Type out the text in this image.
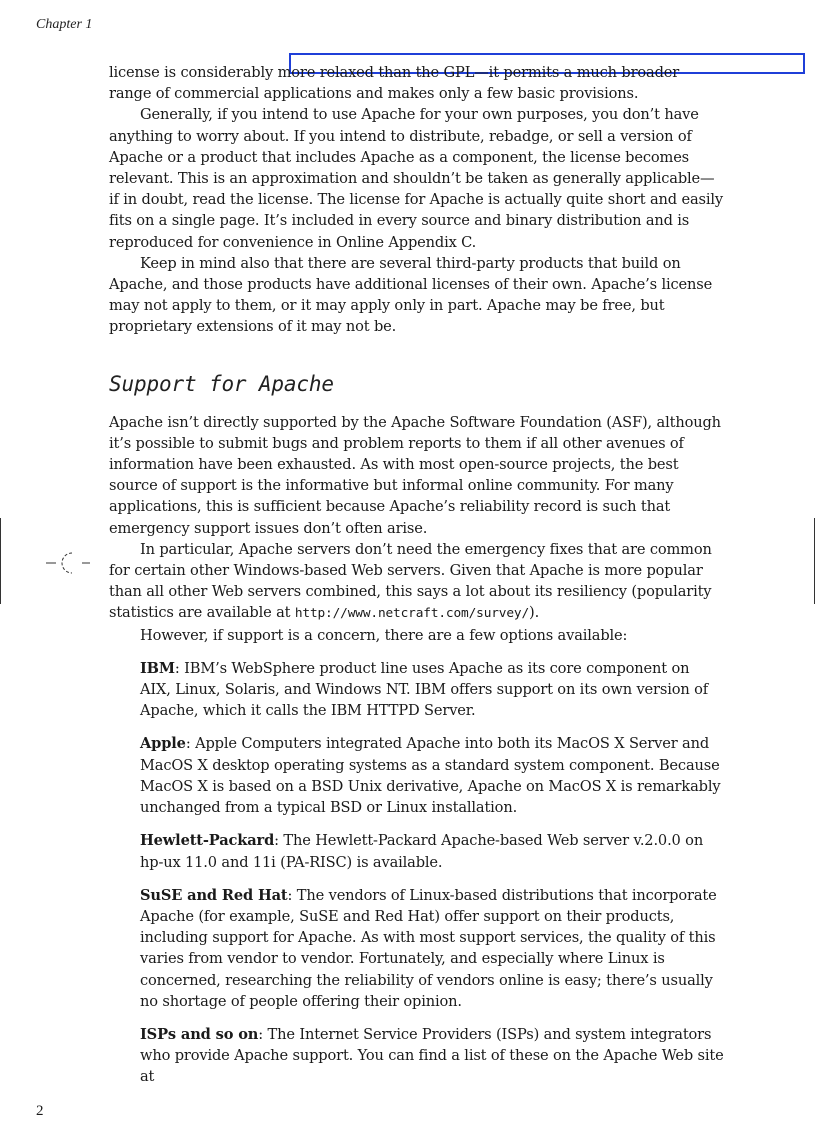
Chapter 1

license is considerably more relaxed than the GPL—it permits a much broader range of commercial applications and makes only a few basic provisions.

Generally, if you intend to use Apache for your own purposes, you don’t have anything to worry about. If you intend to distribute, rebadge, or sell a version of Apache or a product that includes Apache as a component, the license becomes relevant. This is an approximation and shouldn’t be taken as generally applicable—if in doubt, read the license. The license for Apache is actually quite short and easily fits on a single page. It’s included in every source and binary distribution and is reproduced for convenience in Online Appendix C.

Keep in mind also that there are several third-party products that build on Apache, and those products have additional licenses of their own. Apache’s license may not apply to them, or it may apply only in part. Apache may be free, but proprietary extensions of it may not be.

Support for Apache

Apache isn’t directly supported by the Apache Software Foundation (ASF), although it’s possible to submit bugs and problem reports to them if all other avenues of information have been exhausted. As with most open-source projects, the best source of support is the informative but informal online community. For many applications, this is sufficient because Apache’s reliability record is such that emergency support issues don’t often arise.

In particular, Apache servers don’t need the emergency fixes that are common for certain other Windows-based Web servers. Given that Apache is more popular than all other Web servers combined, this says a lot about its resiliency (popularity statistics are available at http://www.netcraft.com/survey/).

However, if support is a concern, there are a few options available:

IBM: IBM’s WebSphere product line uses Apache as its core component on AIX, Linux, Solaris, and Windows NT. IBM offers support on its own version of Apache, which it calls the IBM HTTPD Server.

Apple: Apple Computers integrated Apache into both its MacOS X Server and MacOS X desktop operating systems as a standard system component. Because MacOS X is based on a BSD Unix derivative, Apache on MacOS X is remarkably unchanged from a typical BSD or Linux installation.

Hewlett-Packard: The Hewlett-Packard Apache-based Web server v.2.0.0 on hp-ux 11.0 and 11i (PA-RISC) is available.

SuSE and Red Hat: The vendors of Linux-based distributions that incorporate Apache (for example, SuSE and Red Hat) offer support on their products, including support for Apache. As with most support services, the quality of this varies from vendor to vendor. Fortunately, and especially where Linux is concerned, researching the reliability of vendors online is easy; there’s usually no shortage of people offering their opinion.

ISPs and so on: The Internet Service Providers (ISPs) and system integrators who provide Apache support. You can find a list of these on the Apache Web site at

2
